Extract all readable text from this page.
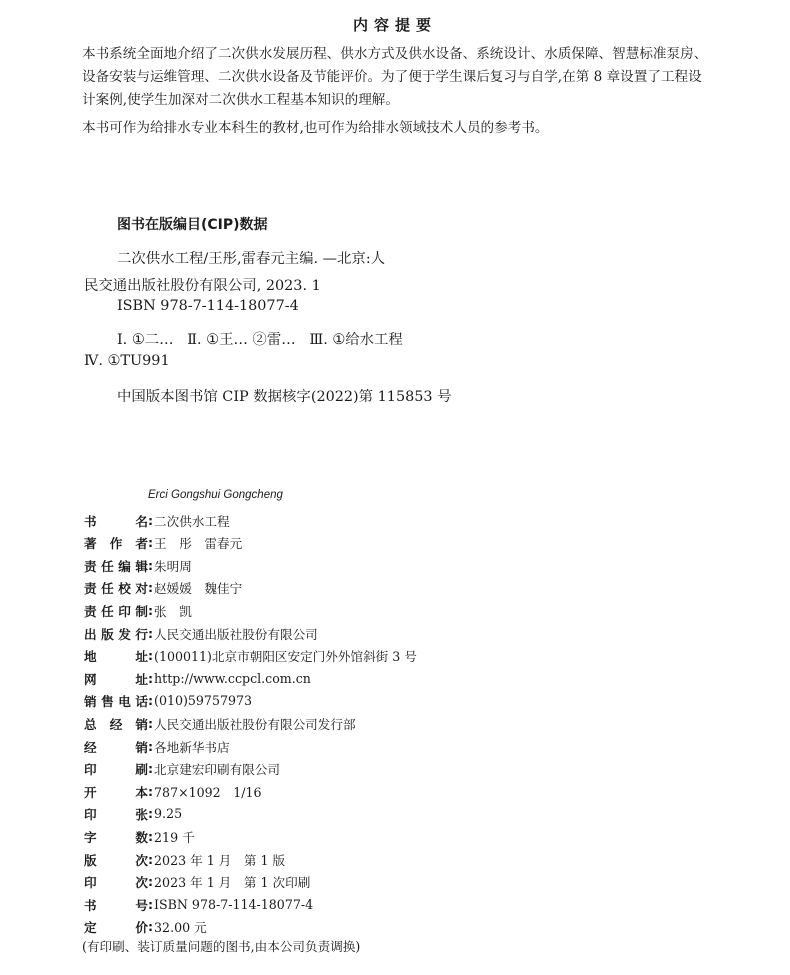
内容提要
本书系统全面地介绍了二次供水发展历程、供水方式及供水设备、系统设计、水质保障、智慧标准泵房、
设备安装与运维管理、二次供水设备及节能评价。为了便于学生课后复习与自学,在第 8 章设置了工程设
计案例,使学生加深对二次供水工程基本知识的理解。
本书可作为给排水专业本科生的教材,也可作为给排水领域技术人员的参考书。
图书在版编目(CIP)数据
二次供水工程/王彤,雷春元主编. —北京:人
民交通出版社股份有限公司, 2023. 1
ISBN 978-7-114-18077-4
Ⅰ. ①二…   Ⅱ. ①王… ②雷…   Ⅲ. ①给水工程
Ⅳ. ①TU991
中国版本图书馆 CIP 数据核字(2022)第 115853 号
Erci Gongshui Gongcheng
书	名 : 二次供水工程
著 作 者 : 王　彤　雷春元
责 任 编 辑 : 朱明周
责 任 校 对 : 赵媛媛　魏佳宁
责 任 印 制 : 张　凯
出 版 发 行 : 人民交通出版社股份有限公司
地	址 : (100011)北京市朝阳区安定门外外馆斜街 3 号
网	址 : http://www.ccpcl.com.cn
销 售 电 话 : (010)59757973
总 经 销 : 人民交通出版社股份有限公司发行部
经	销 : 各地新华书店
印	刷 : 北京建宏印刷有限公司
开	本 : 787×1092　1/16
印	张 : 9.25
字	数 : 219 千
版	次 : 2023 年 1 月　第 1 版
印	次 : 2023 年 1 月　第 1 次印刷
书	号 : ISBN 978-7-114-18077-4
定	价 : 32.00 元
(有印刷、装订质量问题的图书,由本公司负责调换)
